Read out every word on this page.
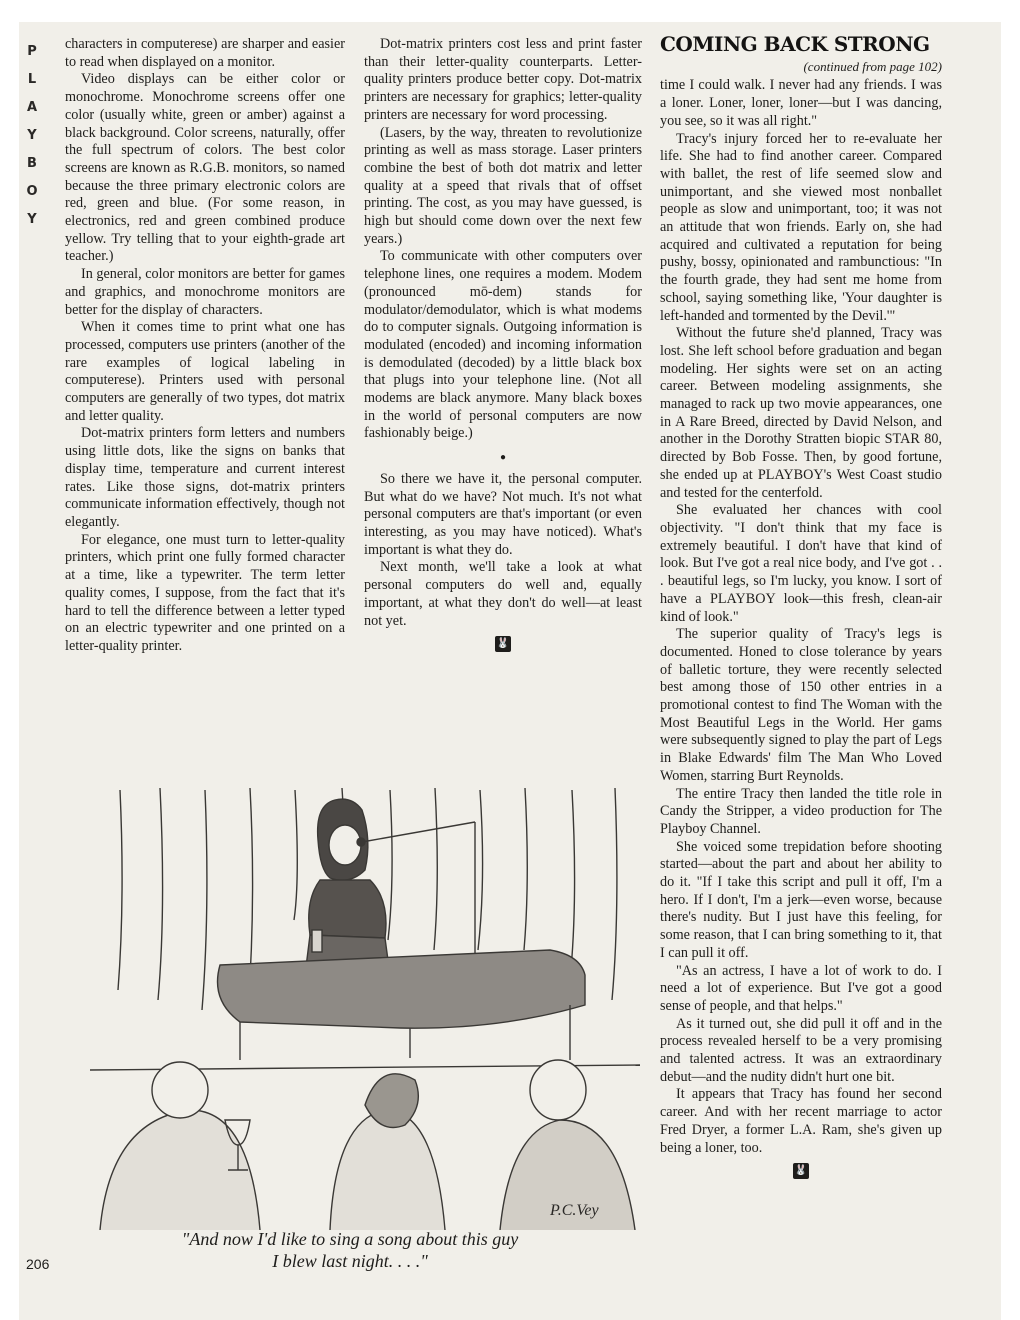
P
L
A
Y
B
O
Y

characters in computerese) are sharper and easier to read when displayed on a monitor.

Video displays can be either color or monochrome. Monochrome screens offer one color (usually white, green or amber) against a black background. Color screens, naturally, offer the full spectrum of colors. The best color screens are known as R.G.B. monitors, so named because the three primary electronic colors are red, green and blue. (For some reason, in electronics, red and green combined produce yellow. Try telling that to your eighth-grade art teacher.)

In general, color monitors are better for games and graphics, and monochrome monitors are better for the display of characters.

When it comes time to print what one has processed, computers use printers (another of the rare examples of logical labeling in computerese). Printers used with personal computers are generally of two types, dot matrix and letter quality.

Dot-matrix printers form letters and numbers using little dots, like the signs on banks that display time, temperature and current interest rates. Like those signs, dot-matrix printers communicate information effectively, though not elegantly.

For elegance, one must turn to letter-quality printers, which print one fully formed character at a time, like a typewriter. The term letter quality comes, I suppose, from the fact that it's hard to tell the difference between a letter typed on an electric typewriter and one printed on a letter-quality printer.

Dot-matrix printers cost less and print faster than their letter-quality counterparts. Letter-quality printers produce better copy. Dot-matrix printers are necessary for graphics; letter-quality printers are necessary for word processing.

(Lasers, by the way, threaten to revolutionize printing as well as mass storage. Laser printers combine the best of both dot matrix and letter quality at a speed that rivals that of offset printing. The cost, as you may have guessed, is high but should come down over the next few years.)

To communicate with other computers over telephone lines, one requires a modem. Modem (pronounced mō-dem) stands for modulator/demodulator, which is what modems do to computer signals. Outgoing information is modulated (encoded) and incoming information is demodulated (decoded) by a little black box that plugs into your telephone line. (Not all modems are black anymore. Many black boxes in the world of personal computers are now fashionably beige.)

●

So there we have it, the personal computer. But what do we have? Not much. It's not what personal computers are that's important (or even interesting, as you may have noticed). What's important is what they do.

Next month, we'll take a look at what personal computers do well and, equally important, at what they don't do well—at least not yet.

🐰
COMING BACK STRONG
(continued from page 102)

time I could walk. I never had any friends. I was a loner. Loner, loner, loner—but I was dancing, you see, so it was all right."

Tracy's injury forced her to re-evaluate her life. She had to find another career. Compared with ballet, the rest of life seemed slow and unimportant, and she viewed most nonballet people as slow and unimportant, too; it was not an attitude that won friends. Early on, she had acquired and cultivated a reputation for being pushy, bossy, opinionated and rambunctious: "In the fourth grade, they had sent me home from school, saying something like, 'Your daughter is left-handed and tormented by the Devil.'"

Without the future she'd planned, Tracy was lost. She left school before graduation and began modeling. Her sights were set on an acting career. Between modeling assignments, she managed to rack up two movie appearances, one in A Rare Breed, directed by David Nelson, and another in the Dorothy Stratten biopic STAR 80, directed by Bob Fosse. Then, by good fortune, she ended up at PLAYBOY's West Coast studio and tested for the centerfold.

She evaluated her chances with cool objectivity. "I don't think that my face is extremely beautiful. I don't have that kind of look. But I've got a real nice body, and I've got . . . beautiful legs, so I'm lucky, you know. I sort of have a PLAYBOY look—this fresh, clean-air kind of look."

The superior quality of Tracy's legs is documented. Honed to close tolerance by years of balletic torture, they were recently selected best among those of 150 other entries in a promotional contest to find The Woman with the Most Beautiful Legs in the World. Her gams were subsequently signed to play the part of Legs in Blake Edwards' film The Man Who Loved Women, starring Burt Reynolds.

The entire Tracy then landed the title role in Candy the Stripper, a video production for The Playboy Channel.

She voiced some trepidation before shooting started—about the part and about her ability to do it. "If I take this script and pull it off, I'm a hero. If I don't, I'm a jerk—even worse, because there's nudity. But I just have this feeling, for some reason, that I can bring something to it, that I can pull it off.

"As an actress, I have a lot of work to do. I need a lot of experience. But I've got a good sense of people, and that helps."

As it turned out, she did pull it off and in the process revealed herself to be a very promising and talented actress. It was an extraordinary debut—and the nudity didn't hurt one bit.

It appears that Tracy has found her second career. And with her recent marriage to actor Fred Dryer, a former L.A. Ram, she's given up being a loner, too.

🐰
P.C.Vey
"And now I'd like to sing a song about this guy
I blew last night. . . ."
206
